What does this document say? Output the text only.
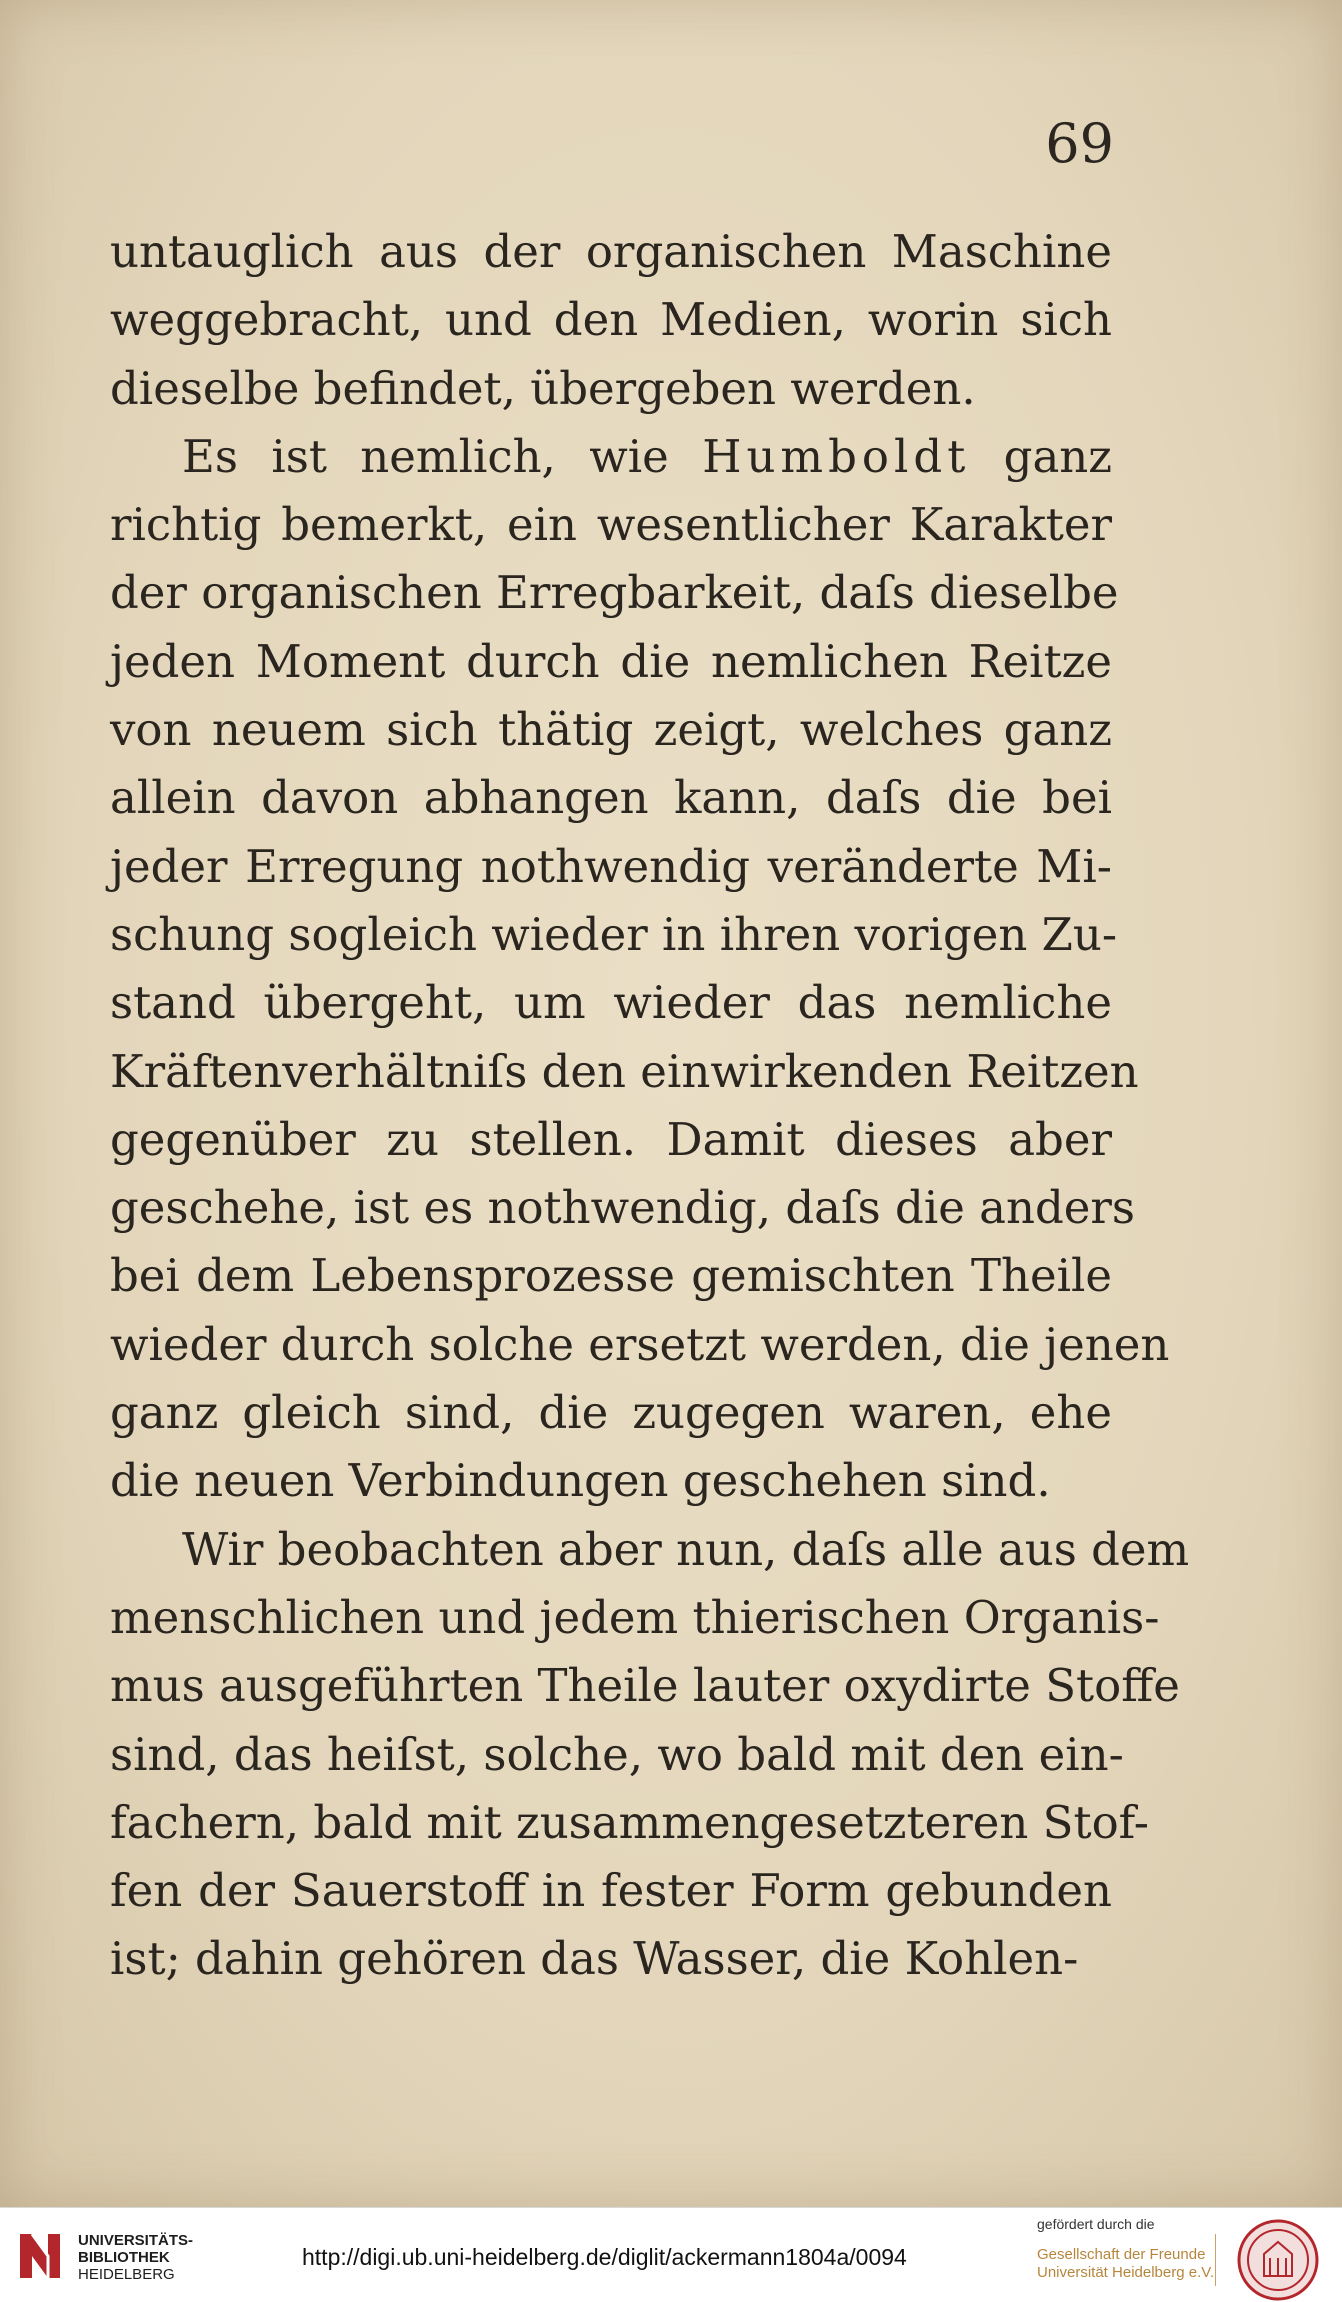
69

untauglich aus der organischen Maschine
weggebracht, und den Medien, worin sich
dieselbe befindet, übergeben werden.

Es ist nemlich, wie Humboldt ganz
richtig bemerkt, ein wesentlicher Karakter
der organischen Erregbarkeit, daſs dieselbe
jeden Moment durch die nemlichen Reitze
von neuem sich thätig zeigt, welches ganz
allein davon abhangen kann, daſs die bei
jeder Erregung nothwendig veränderte Mi-
schung sogleich wieder in ihren vorigen Zu-
stand übergeht, um wieder das nemliche
Kräftenverhältniſs den einwirkenden Reitzen
gegenüber zu stellen. Damit dieses aber
geschehe, ist es nothwendig, daſs die anders
bei dem Lebensprozesse gemischten Theile
wieder durch solche ersetzt werden, die jenen
ganz gleich sind, die zugegen waren, ehe
die neuen Verbindungen geschehen sind.

Wir beobachten aber nun, daſs alle aus dem
menschlichen und jedem thierischen Organis-
mus ausgeführten Theile lauter oxydirte Stoffe
sind, das heiſst, solche, wo bald mit den ein-
fachern, bald mit zusammengesetzteren Stof-
fen der Sauerstoff in fester Form gebunden
ist; dahin gehören das Wasser, die Kohlen-

UNIVERSITÄTS-
BIBLIOTHEK
HEIDELBERG

http://digi.ub.uni-heidelberg.de/diglit/ackermann1804a/0094

gefördert durch die

Gesellschaft der Freunde
Universität Heidelberg e.V.
